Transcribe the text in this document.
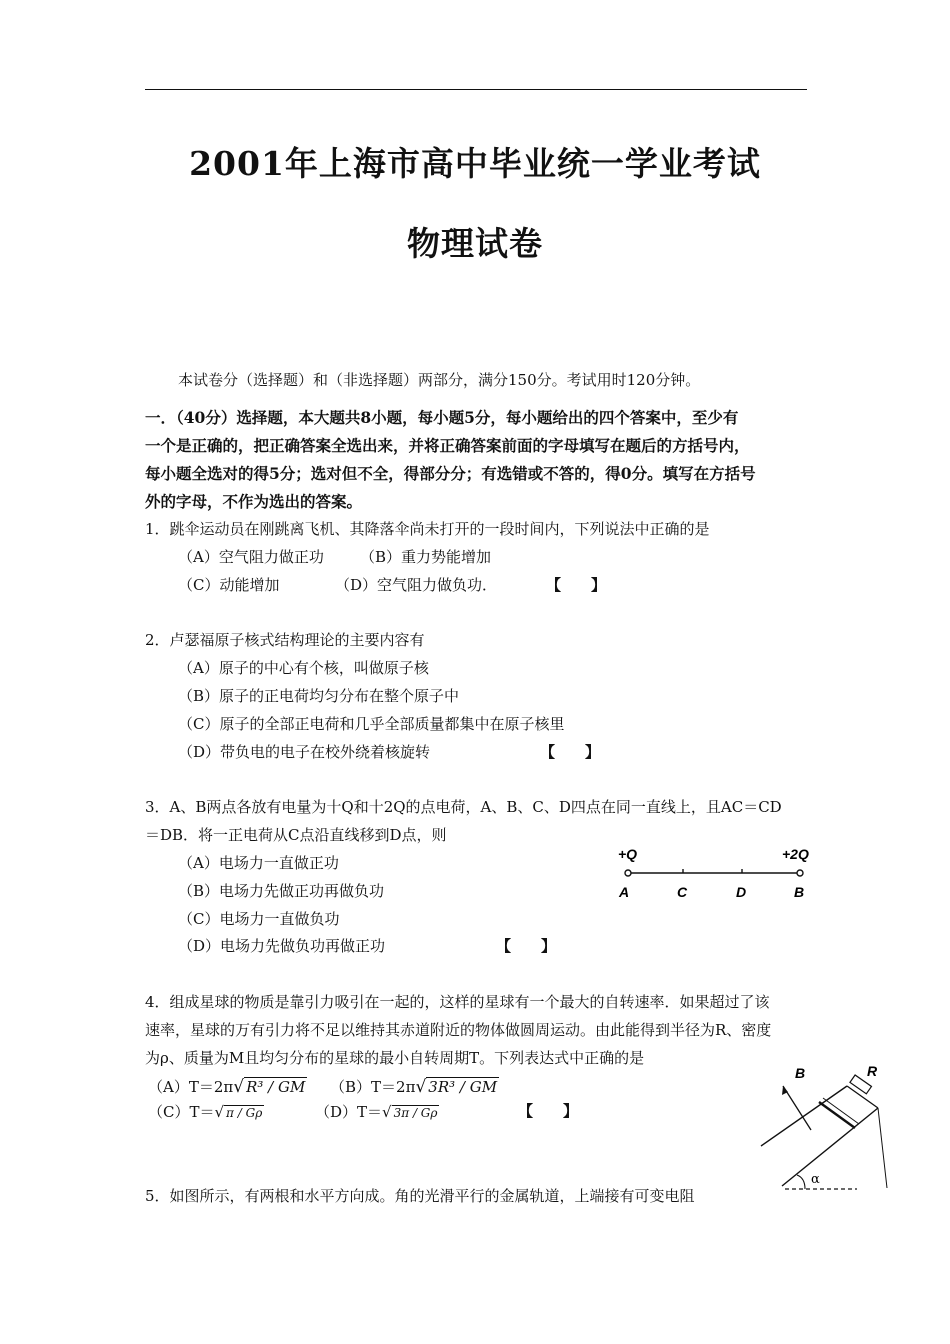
2001年上海市高中毕业统一学业考试
物理试卷
本试卷分（选择题）和（非选择题）两部分，满分150分。考试用时120分钟。
一．（40分）选择题，本大题共8小题，每小题5分，每小题给出的四个答案中，至少有
一个是正确的，把正确答案全选出来，并将正确答案前面的字母填写在题后的方括号内，
每小题全选对的得5分；选对但不全，得部分分；有选错或不答的，得0分。填写在方括号
外的字母，不作为选出的答案。
1．跳伞运动员在刚跳离飞机、其降落伞尚未打开的一段时间内，下列说法中正确的是
（A）空气阻力做正功 （B）重力势能增加
（C）动能增加	（D）空气阻力做负功．	【　　】
2．卢瑟福原子核式结构理论的主要内容有
（A）原子的中心有个核，叫做原子核
（B）原子的正电荷均匀分布在整个原子中
（C）原子的全部正电荷和几乎全部质量都集中在原子核里
（D）带负电的电子在校外绕着核旋转	【　　】
3．A、B两点各放有电量为十Q和十2Q的点电荷，A、B、C、D四点在同一直线上，且AC＝CD
＝DB．将一正电荷从C点沿直线移到D点，则
（A）电场力一直做正功
（B）电场力先做正功再做负功
（C）电场力一直做负功
（D）电场力先做负功再做正功	【　　】
+Q	+2Q
A	C	D	B
4．组成星球的物质是靠引力吸引在一起的，这样的星球有一个最大的自转速率．如果超过了该
速率，星球的万有引力将不足以维持其赤道附近的物体做圆周运动。由此能得到半径为R、密度
为ρ、质量为M且均匀分布的星球的最小自转周期T。下列表达式中正确的是
（A）T＝2π√ R³ / GM （B）T＝2π√ 3R³ / GM
（C）T＝√ π / Gρ	（D）T＝√ 3π / Gρ	【　　】
R
B
α
5．如图所示，有两根和水平方向成。角的光滑平行的金属轨道，上端接有可变电阻
